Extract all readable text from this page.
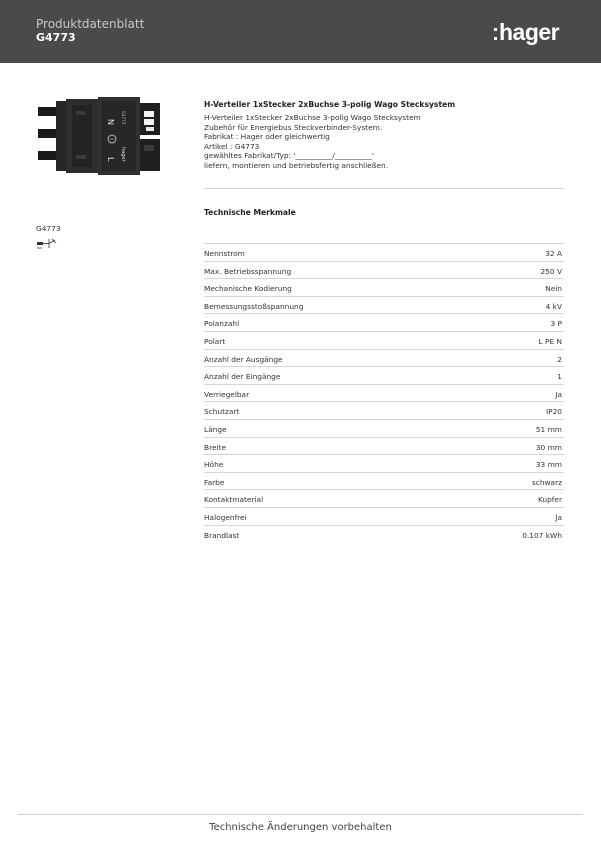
Produktdatenblatt
G4773	hager
N
L hager
G4773
H-Verteiler 1xStecker 2xBuchse 3-polig Wago Stecksystem
H-Verteiler 1xStecker 2xBuchse 3-polig Wago Stecksystem
Zubehör für Energiebus Steckverbinder-System.
Fabrikat : Hager oder gleichwertig
Artikel : G4773
gewähltes Fabrikat/Typ: '__________/__________'
liefern, montieren und betriebsfertig anschließen.
Technische Merkmale
G4773
Nennstrom	32 A
Max. Betriebsspannung	250 V
Mechanische Kodierung	Nein
Bemessungsstoßspannung	4 kV
Polanzahl	3 P
Polart	L PE N
Anzahl der Ausgänge	2
Anzahl der Eingänge	1
Verriegelbar	Ja
Schutzart	IP20
Länge	51 mm
Breite	30 mm
Höhe	33 mm
Farbe	schwarz
Kontaktmaterial	Kupfer
Halogenfrei	Ja
Brandlast	0.107 kWh
Technische Änderungen vorbehalten
